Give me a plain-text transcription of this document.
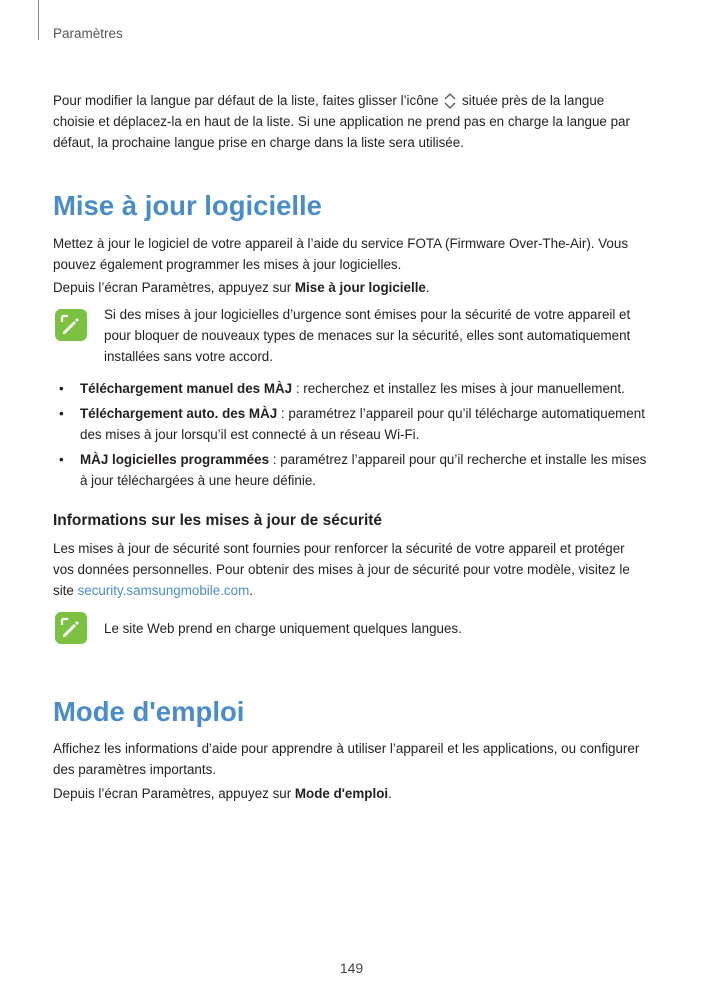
Paramètres

Pour modifier la langue par défaut de la liste, faites glisser l’icône située près de la langue choisie et déplacez-la en haut de la liste. Si une application ne prend pas en charge la langue par défaut, la prochaine langue prise en charge dans la liste sera utilisée.

Mise à jour logicielle

Mettez à jour le logiciel de votre appareil à l’aide du service FOTA (Firmware Over-The-Air). Vous pouvez également programmer les mises à jour logicielles.

Depuis l’écran Paramètres, appuyez sur Mise à jour logicielle.

Si des mises à jour logicielles d’urgence sont émises pour la sécurité de votre appareil et pour bloquer de nouveaux types de menaces sur la sécurité, elles sont automatiquement installées sans votre accord.

• Téléchargement manuel des MÀJ : recherchez et installez les mises à jour manuellement.
• Téléchargement auto. des MÀJ : paramétrez l’appareil pour qu’il télécharge automatiquement des mises à jour lorsqu’il est connecté à un réseau Wi-Fi.
• MÀJ logicielles programmées : paramétrez l’appareil pour qu’il recherche et installe les mises à jour téléchargées à une heure définie.
Informations sur les mises à jour de sécurité

Les mises à jour de sécurité sont fournies pour renforcer la sécurité de votre appareil et protéger vos données personnelles. Pour obtenir des mises à jour de sécurité pour votre modèle, visitez le site security.samsungmobile.com.

Le site Web prend en charge uniquement quelques langues.

Mode d'emploi

Affichez les informations d’aide pour apprendre à utiliser l’appareil et les applications, ou configurer des paramètres importants.

Depuis l’écran Paramètres, appuyez sur Mode d'emploi.

149
